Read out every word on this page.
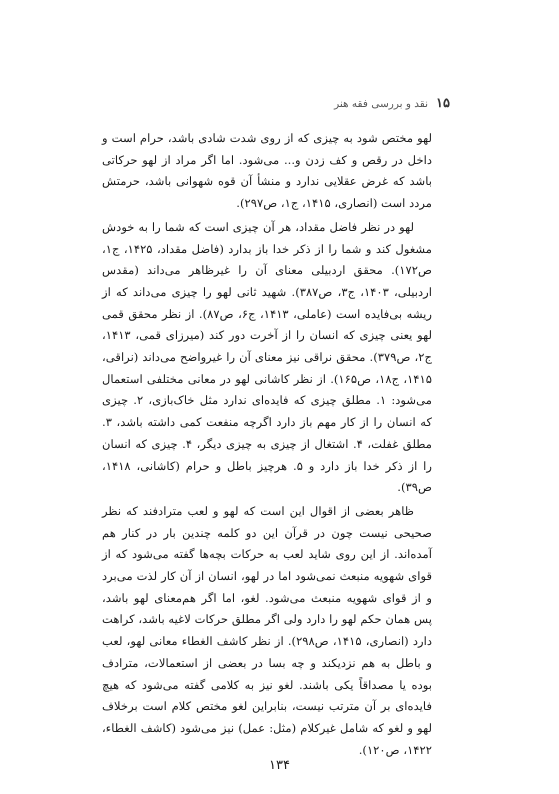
۱۵
نقد و بررسی فقه هنر

لهو مختص شود به چیزی که از روی شدت شادی باشد، حرام است و داخل در رقص و کف زدن و... می‌شود. اما اگر مراد از لهو حرکاتی باشد که غرض عقلایی ندارد و منشأ آن قوه شهوانی باشد، حرمتش مردد است (انصاری، ۱۴۱۵، ج۱، ص۲۹۷).

لهو در نظر فاضل مقداد، هر آن چیزی است که شما را به خودش مشغول کند و شما را از ذکر خدا باز بدارد (فاضل مقداد، ۱۴۲۵، ج۱، ص۱۷۲). محقق اردبیلی معنای آن را غیرظاهر می‌داند (مقدس اردبیلی، ۱۴۰۳، ج۳، ص۳۸۷). شهید ثانی لهو را چیزی می‌داند که از ریشه بی‌فایده است (عاملی، ۱۴۱۳، ج۶، ص۸۷). از نظر محقق قمی لهو یعنی چیزی که انسان را از آخرت دور کند (میرزای قمی، ۱۴۱۳، ج۲، ص۳۷۹). محقق نراقی نیز معنای آن را غیرواضح می‌داند (نراقی، ۱۴۱۵، ج۱۸، ص۱۶۵). از نظر کاشانی لهو در معانی مختلفی استعمال می‌شود: ۱. مطلق چیزی که فایده‌ای ندارد مثل خاک‌بازی، ۲. چیزی که انسان را از کار مهم باز دارد اگرچه منفعت کمی داشته باشد، ۳. مطلق غفلت، ۴. اشتغال از چیزی به چیزی دیگر، ۴. چیزی که انسان را از ذکر خدا باز دارد و ۵. هرچیز باطل و حرام (کاشانی، ۱۴۱۸، ص۳۹).

ظاهر بعضی از اقوال این است که لهو و لعب مترادفند که نظر صحیحی نیست چون در قرآن این دو کلمه چندین بار در کنار هم آمده‌اند. از این روی شاید لعب به حرکات بچه‌ها گفته می‌شود که از قوای شهویه منبعث نمی‌شود اما در لهو، انسان از آن کار لذت می‌برد و از قوای شهویه منبعث می‌شود. لغو، اما اگر هم‌معنای لهو باشد، پس همان حکم لهو را دارد ولی اگر مطلق حرکات لاغیه باشد، کراهت دارد (انصاری، ۱۴۱۵، ص۲۹۸). از نظر کاشف الغطاء معانی لهو، لعب و باطل به هم نزدیکند و چه بسا در بعضی از استعمالات، مترادف بوده یا مصداقاً یکی باشند. لغو نیز به کلامی گفته می‌شود که هیچ فایده‌ای بر آن مترتب نیست، بنابراین لغو مختص کلام است برخلاف لهو و لغو که شامل غیرکلام (مثل: عمل) نیز می‌شود (کاشف الغطاء، ۱۴۲۲، ص۱۲۰).

۱۳۴
